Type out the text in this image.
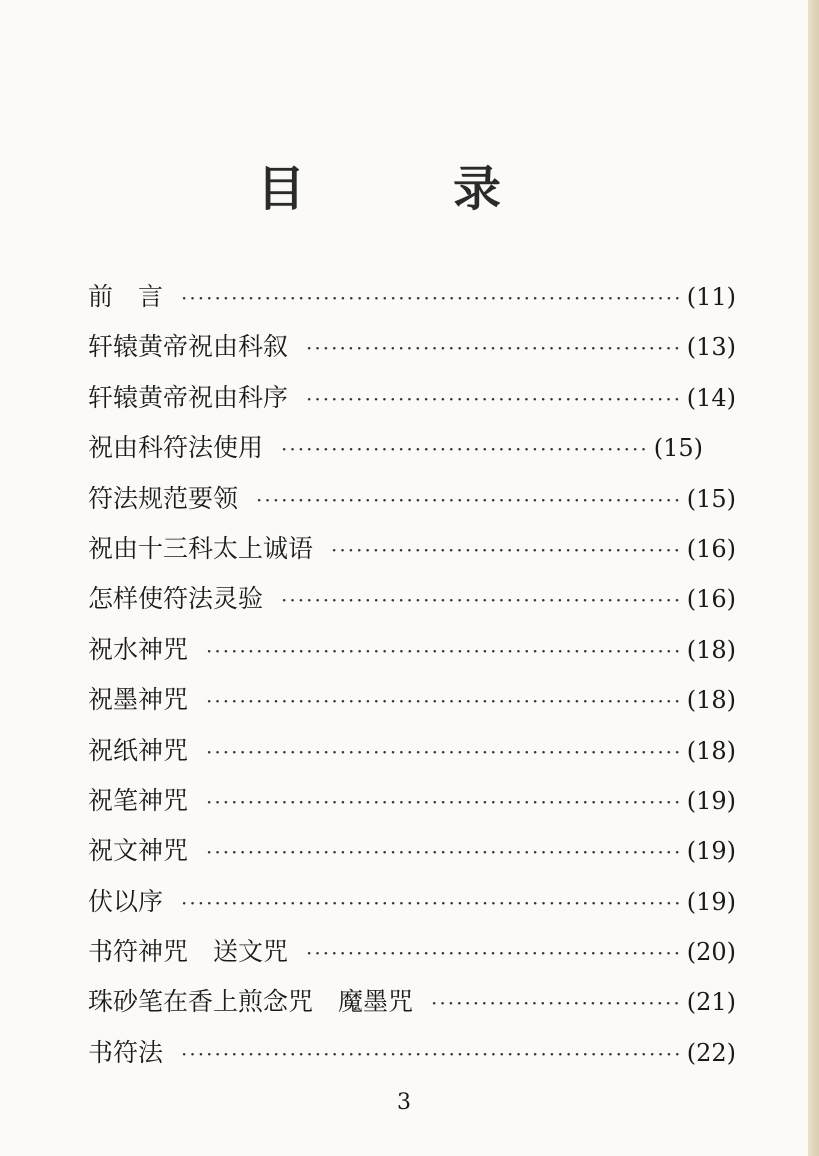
目　录
前　言 ·····	(11)
轩辕黄帝祝由科叙 ·····	(13)
轩辕黄帝祝由科序 ·····	(14)
祝由科符法使用 ·····	(15)
符法规范要领 ·····	(15)
祝由十三科太上诚语 ·····	(16)
怎样使符法灵验 ·····	(16)
祝水神咒 ·····	(18)
祝墨神咒 ·····	(18)
祝纸神咒 ·····	(18)
祝笔神咒 ·····	(19)
祝文神咒 ·····	(19)
伏以序 ·····	(19)
书符神咒　送文咒 ·····	(20)
珠砂笔在香上煎念咒　魔墨咒 ·····	(21)
书符法 ·····	(22)
3
